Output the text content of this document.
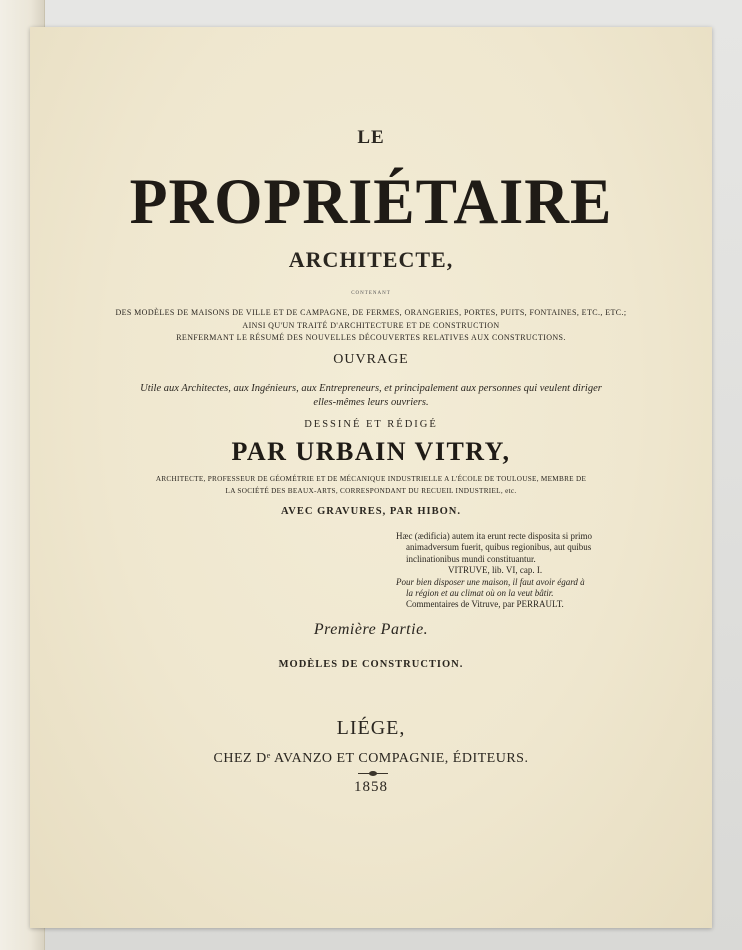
LE
PROPRIÉTAIRE
ARCHITECTE,
CONTENANT
DES MODÈLES DE MAISONS DE VILLE ET DE CAMPAGNE, DE FERMES, ORANGERIES, PORTES, PUITS, FONTAINES, ETC., ETC.;
AINSI QU'UN TRAITÉ D'ARCHITECTURE ET DE CONSTRUCTION
RENFERMANT LE RÉSUMÉ DES NOUVELLES DÉCOUVERTES RELATIVES AUX CONSTRUCTIONS.
OUVRAGE
Utile aux Architectes, aux Ingénieurs, aux Entrepreneurs, et principalement aux personnes qui veulent diriger
elles-mêmes leurs ouvriers.
DESSINÉ ET RÉDIGÉ
PAR URBAIN VITRY,
ARCHITECTE, PROFESSEUR DE GÉOMÉTRIE ET DE MÉCANIQUE INDUSTRIELLE A L'ÉCOLE DE TOULOUSE, MEMBRE DE
LA SOCIÉTÉ DES BEAUX-ARTS, CORRESPONDANT DU RECUEIL INDUSTRIEL, etc.
AVEC GRAVURES, PAR HIBON.
Hæc (ædificia) autem ita erunt recte disposita si primo
animadversum fuerit, quibus regionibus, aut quibus
inclinationibus mundi constituantur.
VITRUVE, lib. VI, cap. I.
Pour bien disposer une maison, il faut avoir égard à
la région et au climat où on la veut bâtir.
Commentaires de Vitruve, par PERRAULT.
Première Partie.
MODÈLES DE CONSTRUCTION.
LIÉGE,
CHEZ Dᵉ AVANZO ET COMPAGNIE, ÉDITEURS.
1858
